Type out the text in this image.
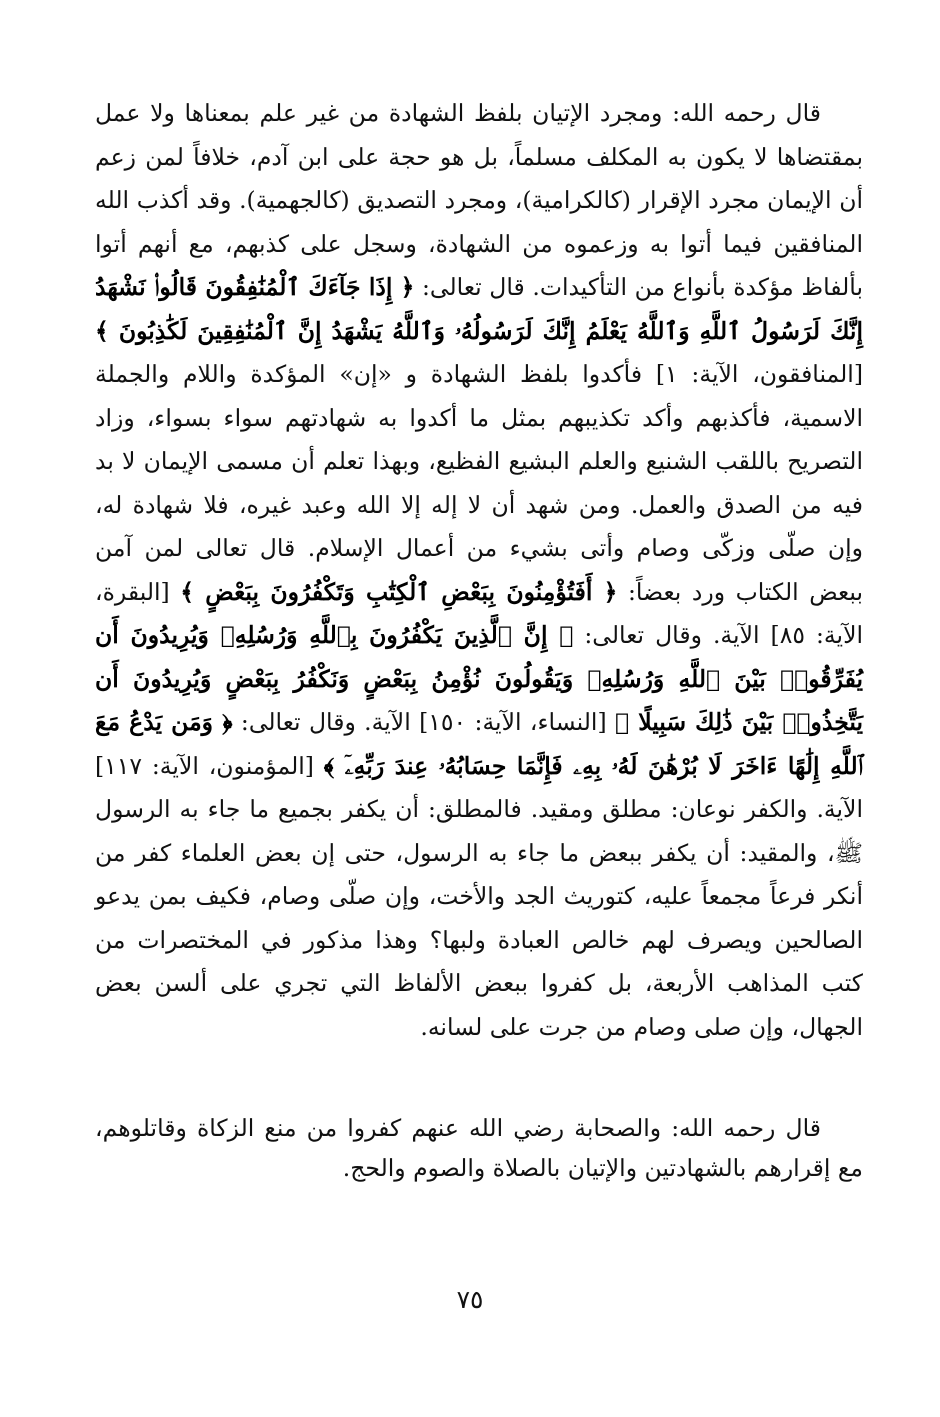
قال رحمه الله: ومجرد الإتيان بلفظ الشهادة من غير علم بمعناها ولا عمل بمقتضاها لا يكون به المكلف مسلماً، بل هو حجة على ابن آدم، خلافاً لمن زعم أن الإيمان مجرد الإقرار (كالكرامية)، ومجرد التصديق (كالجهمية). وقد أكذب الله المنافقين فيما أتوا به وزعموه من الشهادة، وسجل على كذبهم، مع أنهم أتوا بألفاظ مؤكدة بأنواع من التأكيدات. قال تعالى: ﴿ إِذَا جَآءَكَ ٱلْمُنَٰفِقُونَ قَالُوا۟ نَشْهَدُ إِنَّكَ لَرَسُولُ ٱللَّهِ وَٱللَّهُ يَعْلَمُ إِنَّكَ لَرَسُولُهُۥ وَٱللَّهُ يَشْهَدُ إِنَّ ٱلْمُنَٰفِقِينَ لَكَٰذِبُونَ ﴾ [المنافقون، الآية: ١] فأكدوا بلفظ الشهادة و «إن» المؤكدة واللام والجملة الاسمية، فأكذبهم وأكد تكذيبهم بمثل ما أكدوا به شهادتهم سواء بسواء، وزاد التصريح باللقب الشنيع والعلم البشيع الفظيع، وبهذا تعلم أن مسمى الإيمان لا بد فيه من الصدق والعمل. ومن شهد أن لا إله إلا الله وعبد غيره، فلا شهادة له، وإن صلّى وزكّى وصام وأتى بشيء من أعمال الإسلام. قال تعالى لمن آمن ببعض الكتاب ورد بعضاً: ﴿ أَفَتُؤْمِنُونَ بِبَعْضِ ٱلْكِتَٰبِ وَتَكْفُرُونَ بِبَعْضٍ ﴾ [البقرة، الآية: ٨٥] الآية. وقال تعالى: ﴿ إِنَّ ٱلَّذِينَ يَكْفُرُونَ بِٱللَّهِ وَرُسُلِهِۦ وَيُرِيدُونَ أَن يُفَرِّقُوا۟ بَيْنَ ٱللَّهِ وَرُسُلِهِۦ وَيَقُولُونَ نُؤْمِنُ بِبَعْضٍ وَنَكْفُرُ بِبَعْضٍ وَيُرِيدُونَ أَن يَتَّخِذُوا۟ بَيْنَ ذَٰلِكَ سَبِيلًا ﴾ [النساء، الآية: ١٥٠] الآية. وقال تعالى: ﴿ وَمَن يَدْعُ مَعَ ٱللَّهِ إِلَٰهًا ءَاخَرَ لَا بُرْهَٰنَ لَهُۥ بِهِۦ فَإِنَّمَا حِسَابُهُۥ عِندَ رَبِّهِۦٓ ﴾ [المؤمنون، الآية: ١١٧] الآية. والكفر نوعان: مطلق ومقيد. فالمطلق: أن يكفر بجميع ما جاء به الرسول ﷺ، والمقيد: أن يكفر ببعض ما جاء به الرسول، حتى إن بعض العلماء كفر من أنكر فرعاً مجمعاً عليه، كتوريث الجد والأخت، وإن صلّى وصام، فكيف بمن يدعو الصالحين ويصرف لهم خالص العبادة ولبها؟ وهذا مذكور في المختصرات من كتب المذاهب الأربعة، بل كفروا ببعض الألفاظ التي تجري على ألسن بعض الجهال، وإن صلى وصام من جرت على لسانه.
قال رحمه الله: والصحابة رضي الله عنهم كفروا من منع الزكاة وقاتلوهم، مع إقرارهم بالشهادتين والإتيان بالصلاة والصوم والحج.
٧٥
